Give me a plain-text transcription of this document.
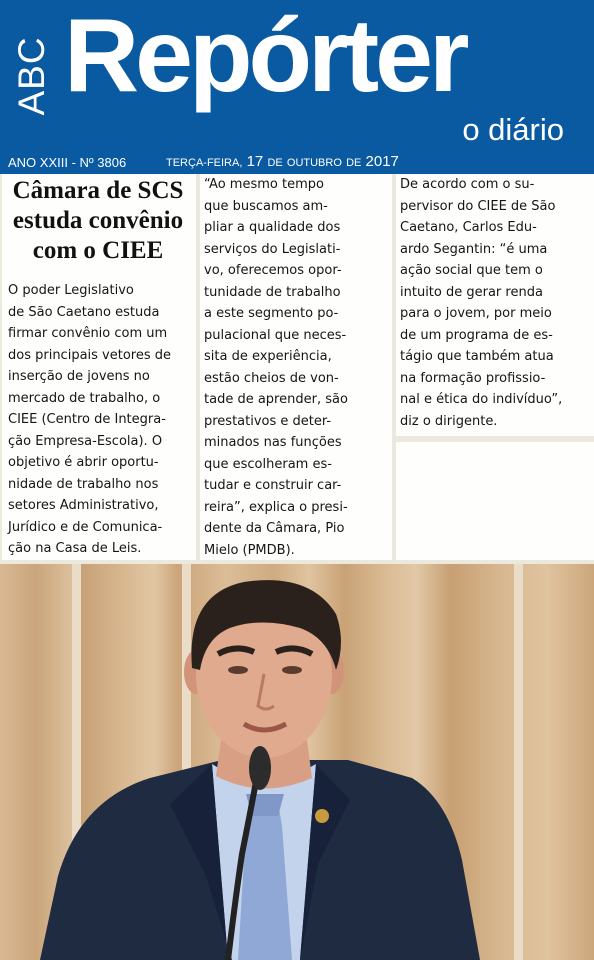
ABC Repórter
o diário
ANO XXIII - Nº 3806	TERÇA-FEIRA, 17 DE OUTUBRO DE 2017

Câmara de SCS
estuda convênio
com o CIEE

O poder Legislativo
de São Caetano estuda
firmar convênio com um
dos principais vetores de
inserção de jovens no
mercado de trabalho, o
CIEE (Centro de Integra-
ção Empresa-Escola). O
objetivo é abrir oportu-
nidade de trabalho nos
setores Administrativo,
Jurídico e de Comunica-
ção na Casa de Leis.

“Ao mesmo tempo
que buscamos am-
pliar a qualidade dos
serviços do Legislati-
vo, oferecemos opor-
tunidade de trabalho
a este segmento po-
pulacional que neces-
sita de experiência,
estão cheios de von-
tade de aprender, são
prestativos e deter-
minados nas funções
que escolheram es-
tudar e construir car-
reira”, explica o presi-
dente da Câmara, Pio
Mielo (PMDB).

De acordo com o su-
pervisor do CIEE de São
Caetano, Carlos Edu-
ardo Segantin: “é uma
ação social que tem o
intuito de gerar renda
para o jovem, por meio
de um programa de es-
tágio que também atua
na formação profissio-
nal e ética do indivíduo”,
diz o dirigente.
